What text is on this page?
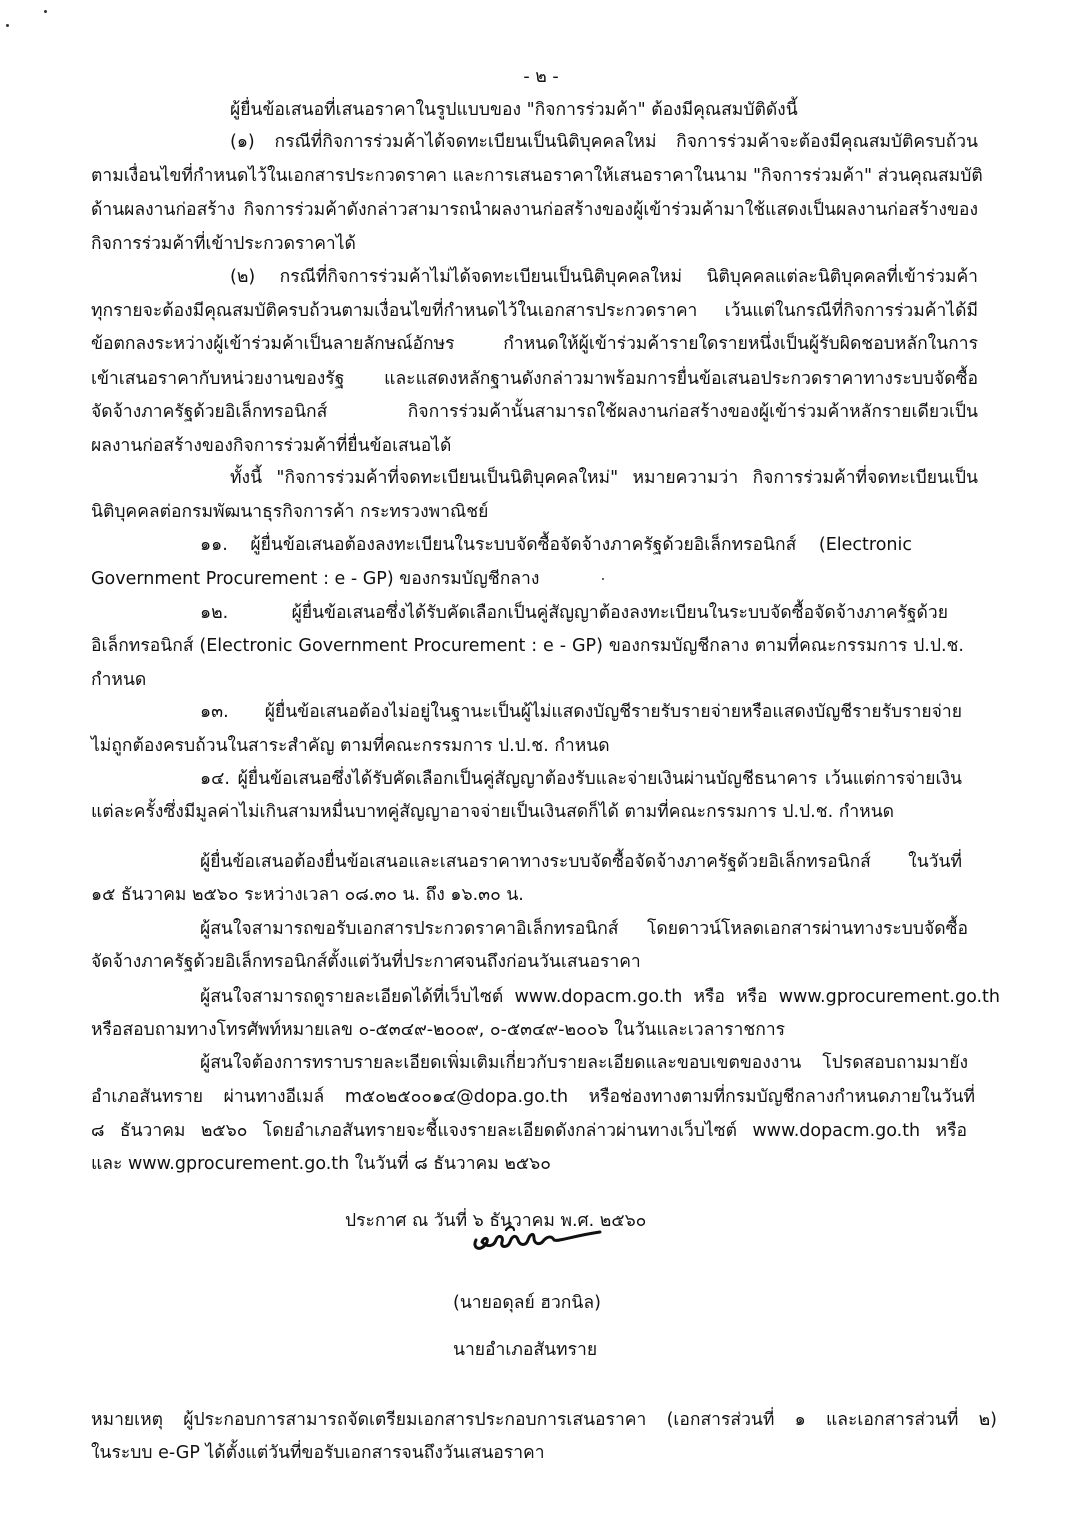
- ๒ -
ผู้ยื่นข้อเสนอที่เสนอราคาในรูปแบบของ "กิจการร่วมค้า" ต้องมีคุณสมบัติดังนี้
(๑) กรณีที่กิจการร่วมค้าได้จดทะเบียนเป็นนิติบุคคลใหม่ กิจการร่วมค้าจะต้องมีคุณสมบัติครบถ้วน
ตามเงื่อนไขที่กำหนดไว้ในเอกสารประกวดราคา และการเสนอราคาให้เสนอราคาในนาม "กิจการร่วมค้า" ส่วนคุณสมบัติ
ด้านผลงานก่อสร้าง กิจการร่วมค้าดังกล่าวสามารถนำผลงานก่อสร้างของผู้เข้าร่วมค้ามาใช้แสดงเป็นผลงานก่อสร้างของ
กิจการร่วมค้าที่เข้าประกวดราคาได้
(๒) กรณีที่กิจการร่วมค้าไม่ได้จดทะเบียนเป็นนิติบุคคลใหม่ นิติบุคคลแต่ละนิติบุคคลที่เข้าร่วมค้า
ทุกรายจะต้องมีคุณสมบัติครบถ้วนตามเงื่อนไขที่กำหนดไว้ในเอกสารประกวดราคา เว้นแต่ในกรณีที่กิจการร่วมค้าได้มี
ข้อตกลงระหว่างผู้เข้าร่วมค้าเป็นลายลักษณ์อักษร กำหนดให้ผู้เข้าร่วมค้ารายใดรายหนึ่งเป็นผู้รับผิดชอบหลักในการ
เข้าเสนอราคากับหน่วยงานของรัฐ และแสดงหลักฐานดังกล่าวมาพร้อมการยื่นข้อเสนอประกวดราคาทางระบบจัดซื้อ
จัดจ้างภาครัฐด้วยอิเล็กทรอนิกส์ กิจการร่วมค้านั้นสามารถใช้ผลงานก่อสร้างของผู้เข้าร่วมค้าหลักรายเดียวเป็น
ผลงานก่อสร้างของกิจการร่วมค้าที่ยื่นข้อเสนอได้
ทั้งนี้ "กิจการร่วมค้าที่จดทะเบียนเป็นนิติบุคคลใหม่" หมายความว่า กิจการร่วมค้าที่จดทะเบียนเป็น
นิติบุคคลต่อกรมพัฒนาธุรกิจการค้า กระทรวงพาณิชย์
๑๑. ผู้ยื่นข้อเสนอต้องลงทะเบียนในระบบจัดซื้อจัดจ้างภาครัฐด้วยอิเล็กทรอนิกส์ (Electronic
Government Procurement : e - GP) ของกรมบัญชีกลาง
๑๒. ผู้ยื่นข้อเสนอซึ่งได้รับคัดเลือกเป็นคู่สัญญาต้องลงทะเบียนในระบบจัดซื้อจัดจ้างภาครัฐด้วย
อิเล็กทรอนิกส์ (Electronic Government Procurement : e - GP) ของกรมบัญชีกลาง ตามที่คณะกรรมการ ป.ป.ช.
กำหนด
๑๓. ผู้ยื่นข้อเสนอต้องไม่อยู่ในฐานะเป็นผู้ไม่แสดงบัญชีรายรับรายจ่ายหรือแสดงบัญชีรายรับรายจ่าย
ไม่ถูกต้องครบถ้วนในสาระสำคัญ ตามที่คณะกรรมการ ป.ป.ช. กำหนด
๑๔. ผู้ยื่นข้อเสนอซึ่งได้รับคัดเลือกเป็นคู่สัญญาต้องรับและจ่ายเงินผ่านบัญชีธนาคาร เว้นแต่การจ่ายเงิน
แต่ละครั้งซึ่งมีมูลค่าไม่เกินสามหมื่นบาทคู่สัญญาอาจจ่ายเป็นเงินสดก็ได้ ตามที่คณะกรรมการ ป.ป.ช. กำหนด
ผู้ยื่นข้อเสนอต้องยื่นข้อเสนอและเสนอราคาทางระบบจัดซื้อจัดจ้างภาครัฐด้วยอิเล็กทรอนิกส์ ในวันที่
๑๕ ธันวาคม ๒๕๖๐ ระหว่างเวลา ๐๘.๓๐ น. ถึง ๑๖.๓๐ น.
ผู้สนใจสามารถขอรับเอกสารประกวดราคาอิเล็กทรอนิกส์ โดยดาวน์โหลดเอกสารผ่านทางระบบจัดซื้อ
จัดจ้างภาครัฐด้วยอิเล็กทรอนิกส์ตั้งแต่วันที่ประกาศจนถึงก่อนวันเสนอราคา
ผู้สนใจสามารถดูรายละเอียดได้ที่เว็บไซต์ www.dopacm.go.th หรือ หรือ www.gprocurement.go.th
หรือสอบถามทางโทรศัพท์หมายเลข ๐-๕๓๔๙-๒๐๐๙, ๐-๕๓๔๙-๒๐๐๖ ในวันและเวลาราชการ
ผู้สนใจต้องการทราบรายละเอียดเพิ่มเติมเกี่ยวกับรายละเอียดและขอบเขตของงาน โปรดสอบถามมายัง
อำเภอสันทราย ผ่านทางอีเมล์ m๕๐๒๕๐๐๑๔@dopa.go.th หรือช่องทางตามที่กรมบัญชีกลางกำหนดภายในวันที่
๘ ธันวาคม ๒๕๖๐ โดยอำเภอสันทรายจะชี้แจงรายละเอียดดังกล่าวผ่านทางเว็บไซต์ www.dopacm.go.th หรือ
และ www.gprocurement.go.th ในวันที่ ๘ ธันวาคม ๒๕๖๐
ประกาศ ณ วันที่ ๖ ธันวาคม พ.ศ. ๒๕๖๐
(นายอดุลย์ ฮวกนิล)
นายอำเภอสันทราย
หมายเหตุ ผู้ประกอบการสามารถจัดเตรียมเอกสารประกอบการเสนอราคา (เอกสารส่วนที่ ๑ และเอกสารส่วนที่ ๒)
ในระบบ e-GP ได้ตั้งแต่วันที่ขอรับเอกสารจนถึงวันเสนอราคา
